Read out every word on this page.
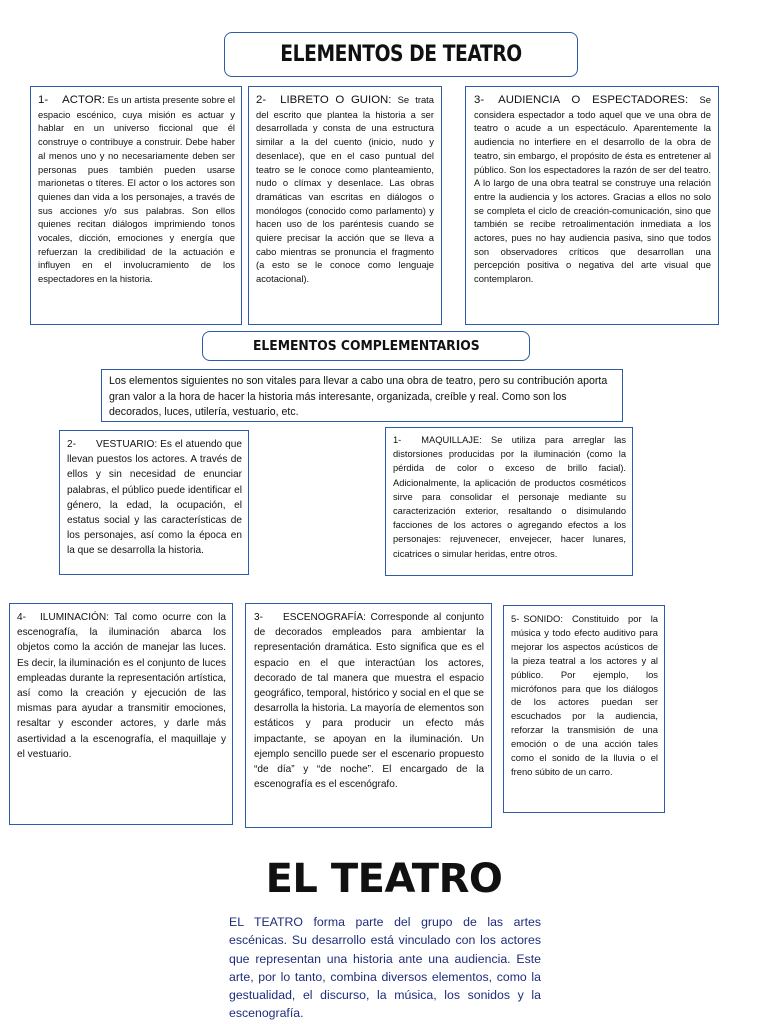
ELEMENTOS DE TEATRO

1- ACTOR: Es un artista presente sobre el espacio escénico, cuya misión es actuar y hablar en un universo ficcional que él construye o contribuye a construir. Debe haber al menos uno y no necesariamente deben ser personas pues también pueden usarse marionetas o títeres. El actor o los actores son quienes dan vida a los personajes, a través de sus acciones y/o sus palabras. Son ellos quienes recitan diálogos imprimiendo tonos vocales, dicción, emociones y energía que refuerzan la credibilidad de la actuación e influyen en el involucramiento de los espectadores en la historia.

2- LIBRETO O GUION: Se trata del escrito que plantea la historia a ser desarrollada y consta de una estructura similar a la del cuento (inicio, nudo y desenlace), que en el caso puntual del teatro se le conoce como planteamiento, nudo o clímax y desenlace. Las obras dramáticas van escritas en diálogos o monólogos (conocido como parlamento) y hacen uso de los paréntesis cuando se quiere precisar la acción que se lleva a cabo mientras se pronuncia el fragmento (a esto se le conoce como lenguaje acotacional).

3- AUDIENCIA O ESPECTADORES: Se considera espectador a todo aquel que ve una obra de teatro o acude a un espectáculo. Aparentemente la audiencia no interfiere en el desarrollo de la obra de teatro, sin embargo, el propósito de ésta es entretener al público. Son los espectadores la razón de ser del teatro. A lo largo de una obra teatral se construye una relación entre la audiencia y los actores. Gracias a ellos no solo se completa el ciclo de creación-comunicación, sino que también se recibe retroalimentación inmediata a los actores, pues no hay audiencia pasiva, sino que todos son observadores críticos que desarrollan una percepción positiva o negativa del arte visual que contemplaron.

ELEMENTOS COMPLEMENTARIOS

Los elementos siguientes no son vitales para llevar a cabo una obra de teatro, pero su contribución aporta gran valor a la hora de hacer la historia más interesante, organizada, creíble y real. Como son los decorados, luces, utilería, vestuario, etc.

2- VESTUARIO: Es el atuendo que llevan puestos los actores. A través de ellos y sin necesidad de enunciar palabras, el público puede identificar el género, la edad, la ocupación, el estatus social y las características de los personajes, así como la época en la que se desarrolla la historia.

1- MAQUILLAJE: Se utiliza para arreglar las distorsiones producidas por la iluminación (como la pérdida de color o exceso de brillo facial). Adicionalmente, la aplicación de productos cosméticos sirve para consolidar el personaje mediante su caracterización exterior, resaltando o disimulando facciones de los actores o agregando efectos a los personajes: rejuvenecer, envejecer, hacer lunares, cicatrices o simular heridas, entre otros.

4- ILUMINACIÓN: Tal como ocurre con la escenografía, la iluminación abarca los objetos como la acción de manejar las luces. Es decir, la iluminación es el conjunto de luces empleadas durante la representación artística, así como la creación y ejecución de las mismas para ayudar a transmitir emociones, resaltar y esconder actores, y darle más asertividad a la escenografía, el maquillaje y el vestuario.

3- ESCENOGRAFÍA: Corresponde al conjunto de decorados empleados para ambientar la representación dramática. Esto significa que es el espacio en el que interactúan los actores, decorado de tal manera que muestra el espacio geográfico, temporal, histórico y social en el que se desarrolla la historia. La mayoría de elementos son estáticos y para producir un efecto más impactante, se apoyan en la iluminación. Un ejemplo sencillo puede ser el escenario propuesto “de día” y “de noche”. El encargado de la escenografía es el escenógrafo.

5- SONIDO: Constituido por la música y todo efecto auditivo para mejorar los aspectos acústicos de la pieza teatral a los actores y al público. Por ejemplo, los micrófonos para que los diálogos de los actores puedan ser escuchados por la audiencia, reforzar la transmisión de una emoción o de una acción tales como el sonido de la lluvia o el freno súbito de un carro.

EL TEATRO

EL TEATRO forma parte del grupo de las artes escénicas. Su desarrollo está vinculado con los actores que representan una historia ante una audiencia. Este arte, por lo tanto, combina diversos elementos, como la gestualidad, el discurso, la música, los sonidos y la escenografía.
